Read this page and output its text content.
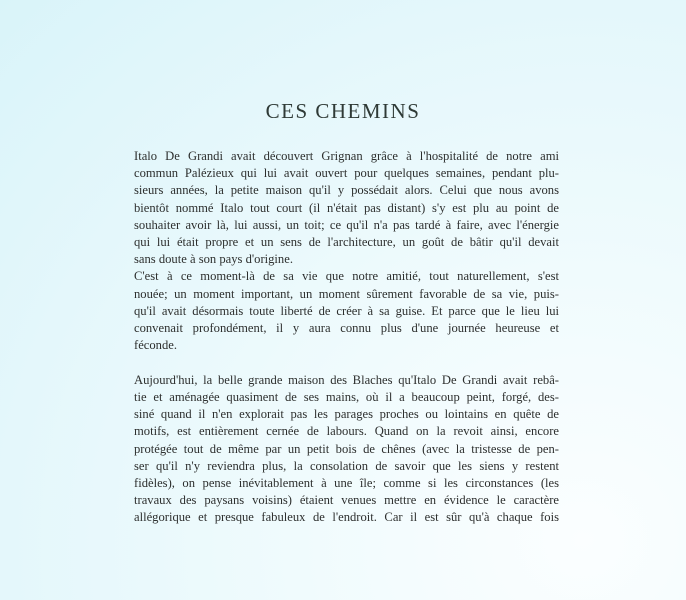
CES CHEMINS
Italo De Grandi avait découvert Grignan grâce à l'hospitalité de notre ami
commun Palézieux qui lui avait ouvert pour quelques semaines, pendant plu-
sieurs années, la petite maison qu'il y possédait alors. Celui que nous avons
bientôt nommé Italo tout court (il n'était pas distant) s'y est plu au point de
souhaiter avoir là, lui aussi, un toit; ce qu'il n'a pas tardé à faire, avec l'énergie
qui lui était propre et un sens de l'architecture, un goût de bâtir qu'il devait
sans doute à son pays d'origine.
C'est à ce moment-là de sa vie que notre amitié, tout naturellement, s'est
nouée; un moment important, un moment sûrement favorable de sa vie, puis-
qu'il avait désormais toute liberté de créer à sa guise. Et parce que le lieu lui
convenait profondément, il y aura connu plus d'une journée heureuse et
féconde.
Aujourd'hui, la belle grande maison des Blaches qu'Italo De Grandi avait rebâ-
tie et aménagée quasiment de ses mains, où il a beaucoup peint, forgé, des-
siné quand il n'en explorait pas les parages proches ou lointains en quête de
motifs, est entièrement cernée de labours. Quand on la revoit ainsi, encore
protégée tout de même par un petit bois de chênes (avec la tristesse de pen-
ser qu'il n'y reviendra plus, la consolation de savoir que les siens y restent
fidèles), on pense inévitablement à une île; comme si les circonstances (les
travaux des paysans voisins) étaient venues mettre en évidence le caractère
allégorique et presque fabuleux de l'endroit. Car il est sûr qu'à chaque fois
